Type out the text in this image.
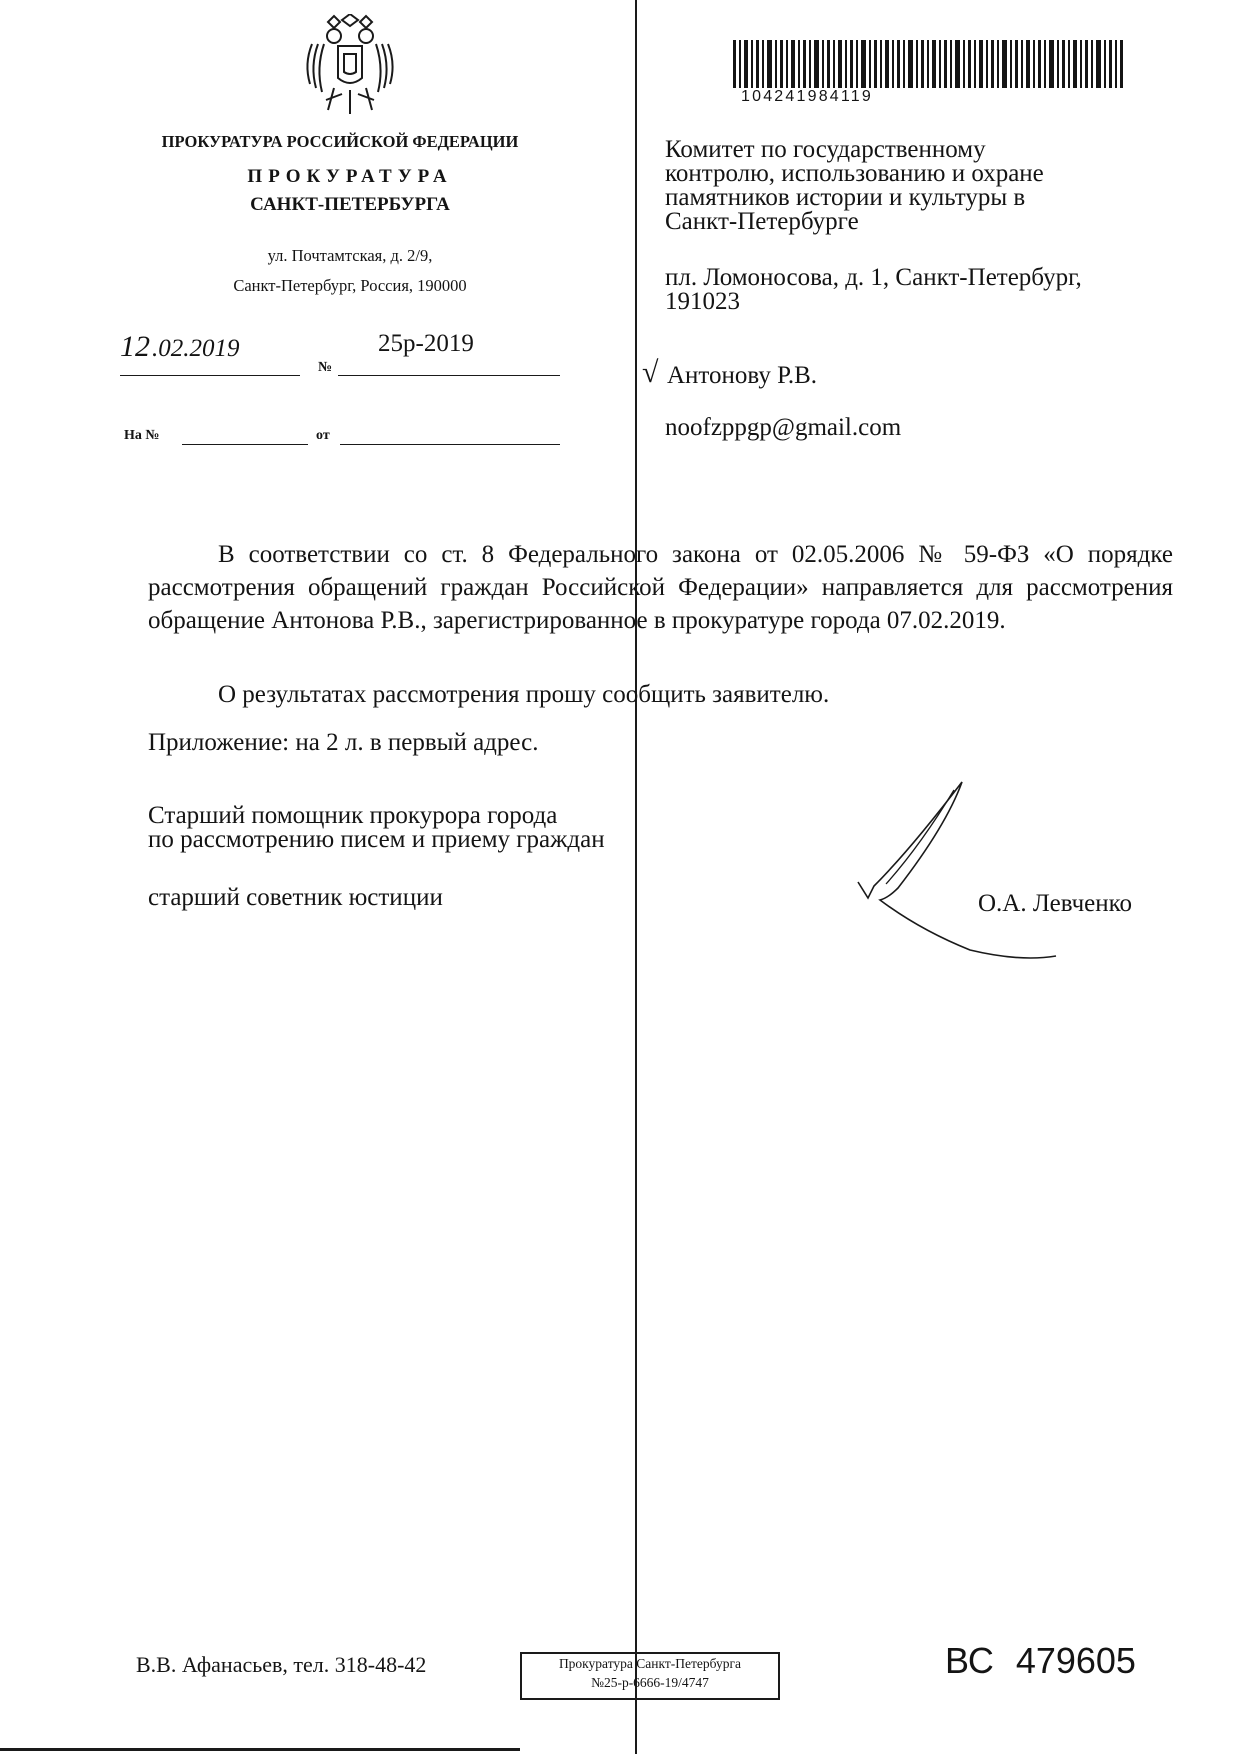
ПРОКУРАТУРА РОССИЙСКОЙ ФЕДЕРАЦИИ
ПРОКУРАТУРА
САНКТ-ПЕТЕРБУРГА
ул. Почтамтская, д. 2/9,
Санкт-Петербург, Россия, 190000
12.02.2019
№
25р-2019
На №	от
104241984119
Комитет по государственному
контролю, использованию и охране
памятников истории и культуры в
Санкт-Петербурге
пл. Ломоносова, д. 1, Санкт-Петербург,
191023
√ Антонову Р.В.
noofzppgp@gmail.com
В соответствии со ст. 8 Федерального закона от 02.05.2006 № 59-ФЗ «О порядке рассмотрения обращений граждан Российской Федерации» направляется для рассмотрения обращение Антонова Р.В., зарегистрированное в прокуратуре города 07.02.2019.
О результатах рассмотрения прошу сообщить заявителю.
Приложение: на 2 л. в первый адрес.
Старший помощник прокурора города
по рассмотрению писем и приему граждан
старший советник юстиции	О.А. Левченко
В.В. Афанасьев, тел. 318-48-42	Прокуратура Санкт-Петербурга
№25-р-6666-19/4747
ВС 479605
